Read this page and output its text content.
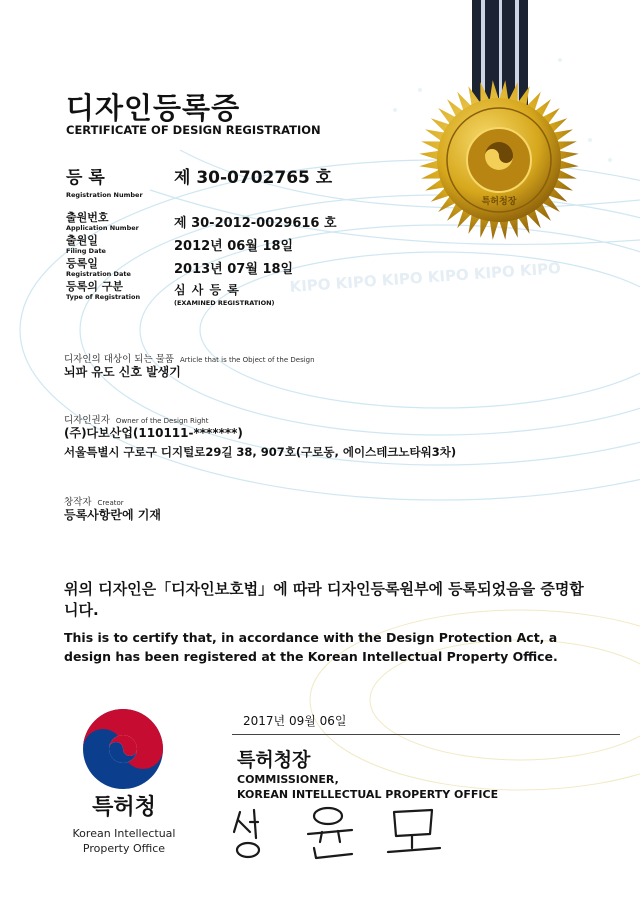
KIPO KIPO KIPO KIPO KIPO KIPO
특허청장
디자인등록증
CERTIFICATE OF DESIGN REGISTRATION
등 록
Registration Number
제 30-0702765 호
출원번호
Application Number	제 30-2012-0029616 호
출원일
Filing Date	2012년 06월 18일
등록일
Registration Date	2013년 07월 18일
등록의 구분
Type of Registration	심 사 등 록
(EXAMINED REGISTRATION)
디자인의 대상이 되는 물품 Article that is the Object of the Design
뇌파 유도 신호 발생기
디자인권자 Owner of the Design Right
(주)다보산업(110111-*******)
서울특별시 구로구 디지털로29길 38, 907호(구로동, 에이스테크노타워3차)
창작자 Creator
등록사항란에 기재
위의 디자인은「디자인보호법」에 따라 디자인등록원부에 등록되었음을 증명합니다.
This is to certify that, in accordance with the Design Protection Act, a design has been registered at the Korean Intellectual Property Office.
특허청
Korean Intellectual
Property Office
2017년 09월 06일
특허청장
COMMISSIONER,
KOREAN INTELLECTUAL PROPERTY OFFICE
